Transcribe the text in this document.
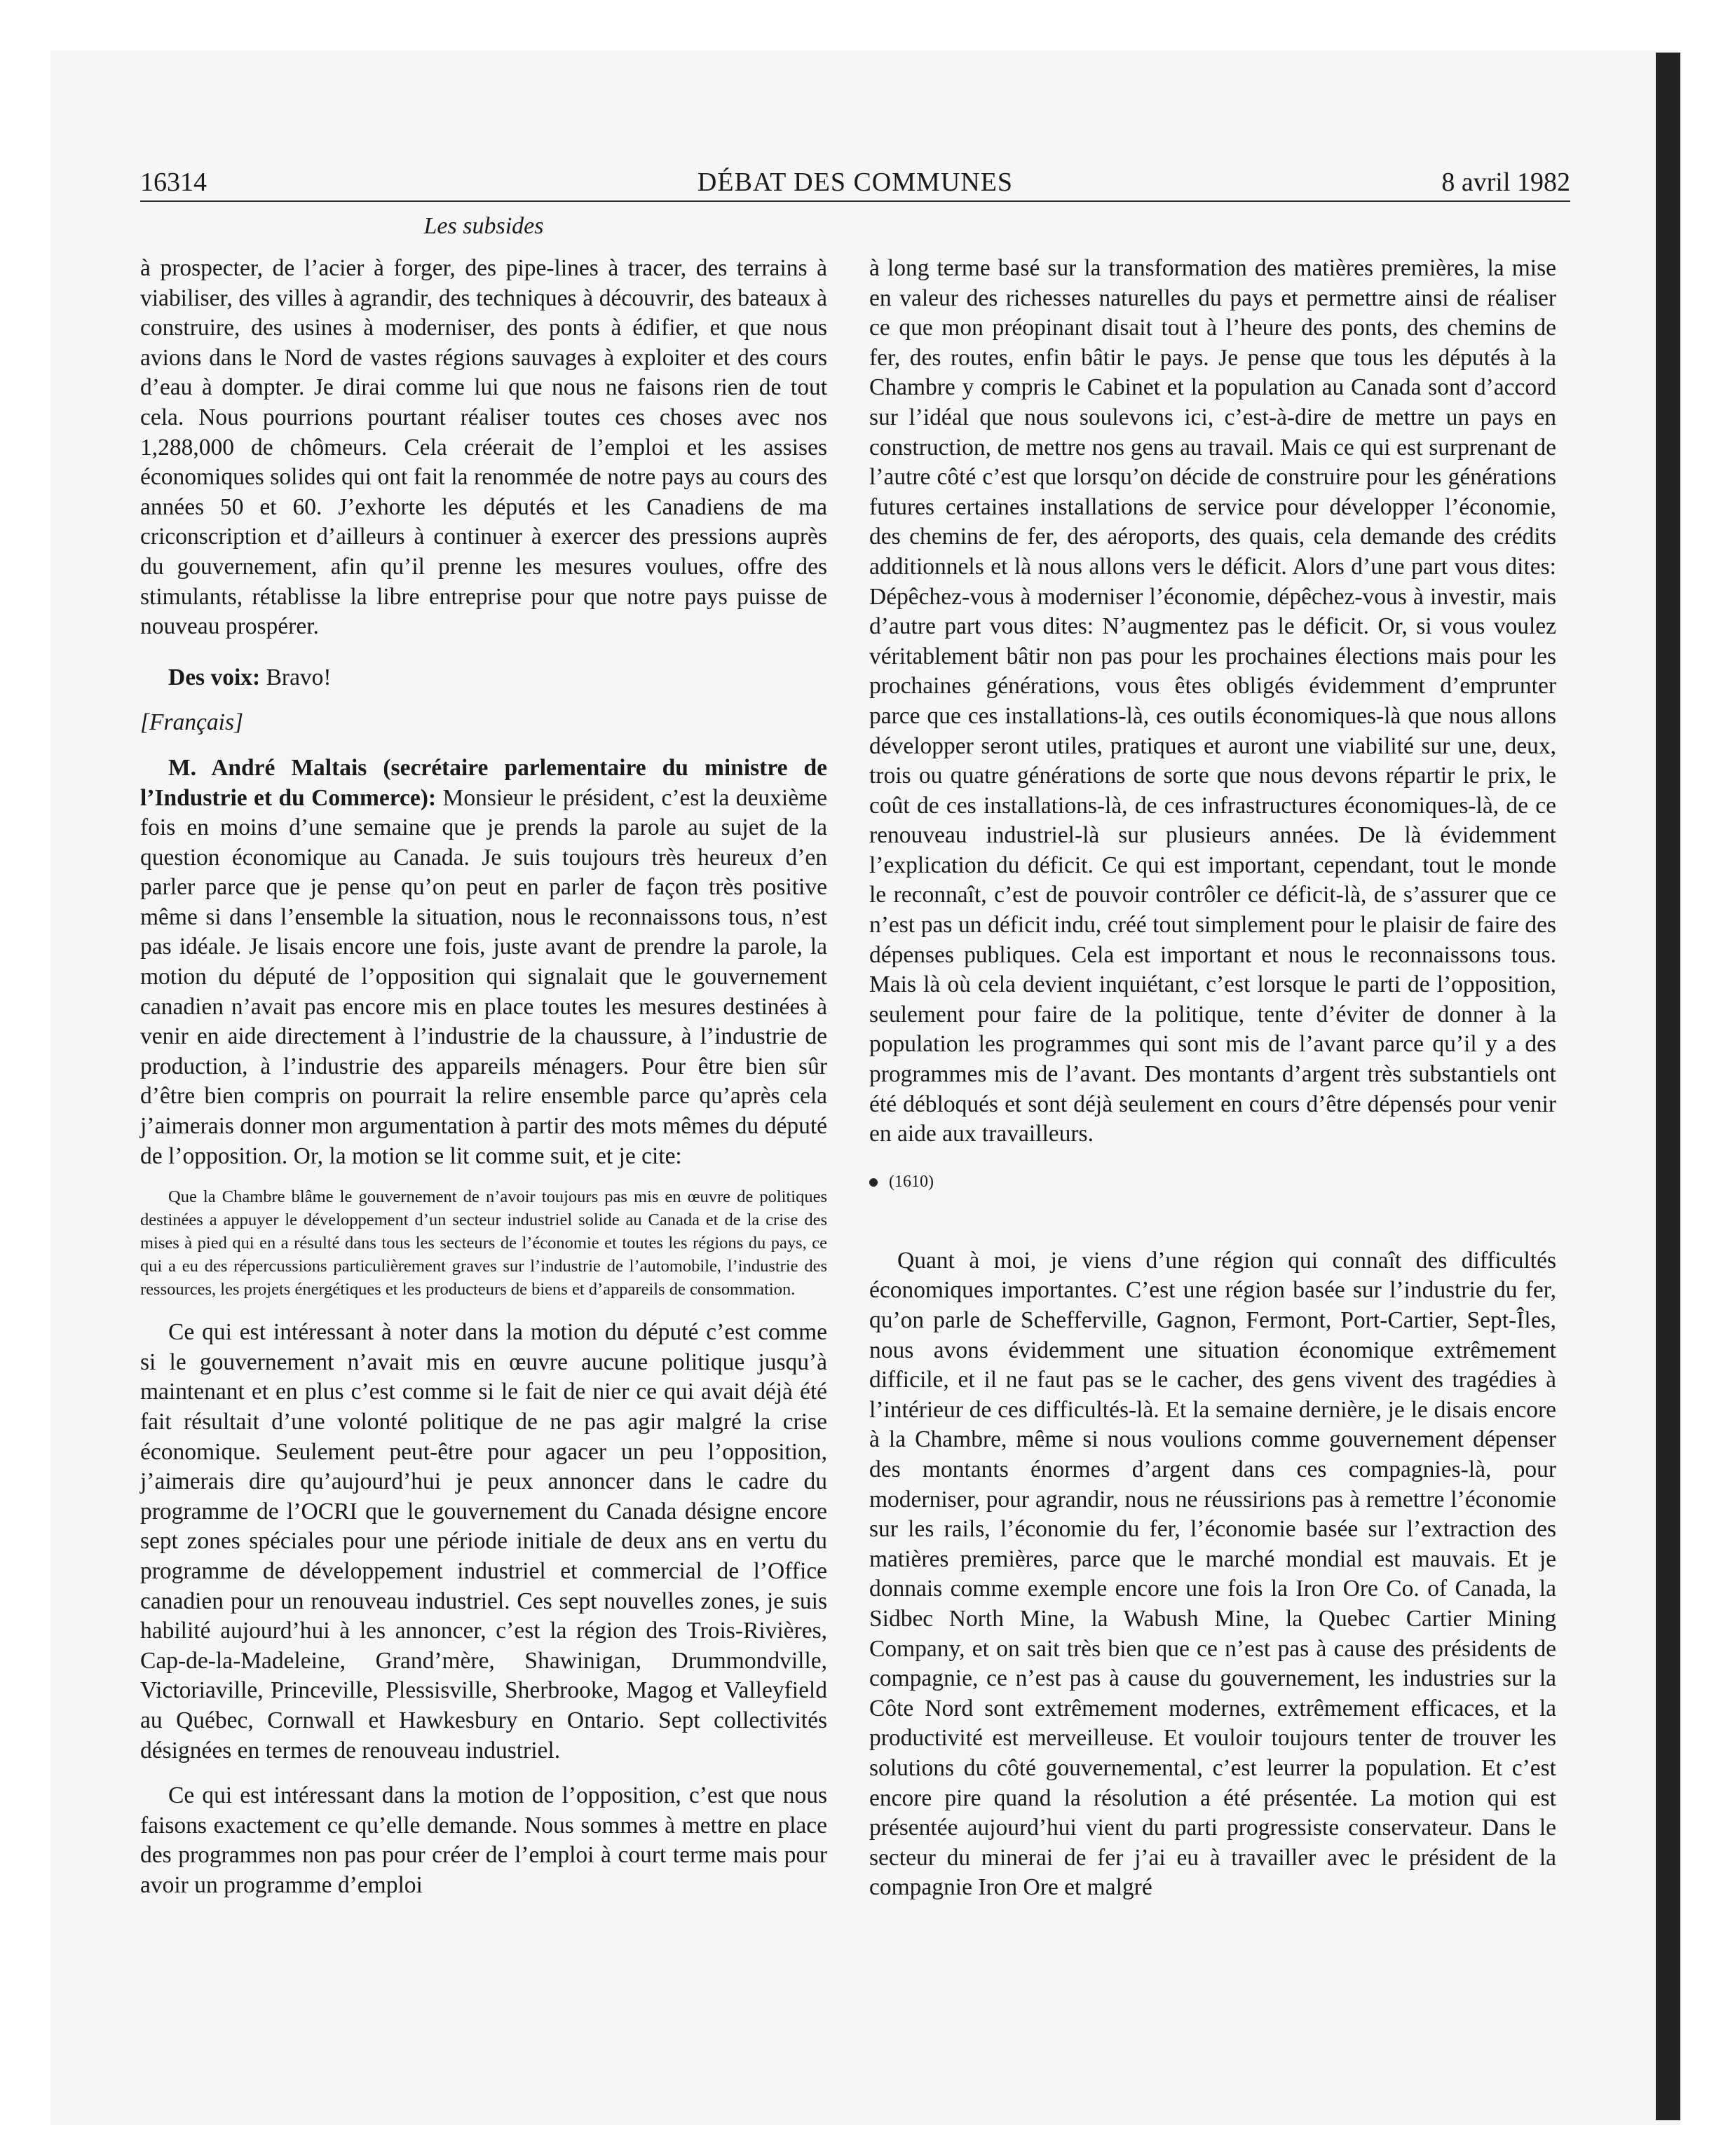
16314	DÉBAT DES COMMUNES	8 avril 1982
Les subsides

à prospecter, de l’acier à forger, des pipe-lines à tracer, des terrains à viabiliser, des villes à agrandir, des techniques à découvrir, des bateaux à construire, des usines à moderniser, des ponts à édifier, et que nous avions dans le Nord de vastes régions sauvages à exploiter et des cours d’eau à dompter. Je dirai comme lui que nous ne faisons rien de tout cela. Nous pourrions pourtant réaliser toutes ces choses avec nos 1,288,000 de chômeurs. Cela créerait de l’emploi et les assises économiques solides qui ont fait la renommée de notre pays au cours des années 50 et 60. J’exhorte les députés et les Canadiens de ma criconscription et d’ailleurs à continuer à exercer des pressions auprès du gouvernement, afin qu’il prenne les mesures voulues, offre des stimulants, rétablisse la libre entreprise pour que notre pays puisse de nouveau prospérer.

Des voix: Bravo!

[Français]

M. André Maltais (secrétaire parlementaire du ministre de l’Industrie et du Commerce): Monsieur le président, c’est la deuxième fois en moins d’une semaine que je prends la parole au sujet de la question économique au Canada. Je suis toujours très heureux d’en parler parce que je pense qu’on peut en parler de façon très positive même si dans l’ensemble la situation, nous le reconnaissons tous, n’est pas idéale. Je lisais encore une fois, juste avant de prendre la parole, la motion du député de l’opposition qui signalait que le gouvernement canadien n’avait pas encore mis en place toutes les mesures destinées à venir en aide directement à l’industrie de la chaussure, à l’industrie de production, à l’industrie des appareils ménagers. Pour être bien sûr d’être bien compris on pourrait la relire ensemble parce qu’après cela j’aimerais donner mon argumentation à partir des mots mêmes du député de l’opposition. Or, la motion se lit comme suit, et je cite:

Que la Chambre blâme le gouvernement de n’avoir toujours pas mis en œuvre de politiques destinées a appuyer le développement d’un secteur industriel solide au Canada et de la crise des mises à pied qui en a résulté dans tous les secteurs de l’économie et toutes les régions du pays, ce qui a eu des répercussions particulièrement graves sur l’industrie de l’automobile, l’industrie des ressources, les projets énergétiques et les producteurs de biens et d’appareils de consommation.

Ce qui est intéressant à noter dans la motion du député c’est comme si le gouvernement n’avait mis en œuvre aucune politique jusqu’à maintenant et en plus c’est comme si le fait de nier ce qui avait déjà été fait résultait d’une volonté politique de ne pas agir malgré la crise économique. Seulement peut-être pour agacer un peu l’opposition, j’aimerais dire qu’aujourd’hui je peux annoncer dans le cadre du programme de l’OCRI que le gouvernement du Canada désigne encore sept zones spéciales pour une période initiale de deux ans en vertu du programme de développement industriel et commercial de l’Office canadien pour un renouveau industriel. Ces sept nouvelles zones, je suis habilité aujourd’hui à les annoncer, c’est la région des Trois-Rivières, Cap-de-la-Madeleine, Grand’mère, Shawinigan, Drummondville, Victoriaville, Princeville, Plessisville, Sherbrooke, Magog et Valleyfield au Québec, Cornwall et Hawkesbury en Ontario. Sept collectivités désignées en termes de renouveau industriel.

Ce qui est intéressant dans la motion de l’opposition, c’est que nous faisons exactement ce qu’elle demande. Nous sommes à mettre en place des programmes non pas pour créer de l’emploi à court terme mais pour avoir un programme d’emploi

à long terme basé sur la transformation des matières premières, la mise en valeur des richesses naturelles du pays et permettre ainsi de réaliser ce que mon préopinant disait tout à l’heure des ponts, des chemins de fer, des routes, enfin bâtir le pays. Je pense que tous les députés à la Chambre y compris le Cabinet et la population au Canada sont d’accord sur l’idéal que nous soulevons ici, c’est-à-dire de mettre un pays en construction, de mettre nos gens au travail. Mais ce qui est surprenant de l’autre côté c’est que lorsqu’on décide de construire pour les générations futures certaines installations de service pour développer l’économie, des chemins de fer, des aéroports, des quais, cela demande des crédits additionnels et là nous allons vers le déficit. Alors d’une part vous dites: Dépêchez-vous à moderniser l’économie, dépêchez-vous à investir, mais d’autre part vous dites: N’augmentez pas le déficit. Or, si vous voulez véritablement bâtir non pas pour les prochaines élections mais pour les prochaines générations, vous êtes obligés évidemment d’emprunter parce que ces installations-là, ces outils économiques-là que nous allons développer seront utiles, pratiques et auront une viabilité sur une, deux, trois ou quatre générations de sorte que nous devons répartir le prix, le coût de ces installations-là, de ces infrastructures économiques-là, de ce renouveau industriel-là sur plusieurs années. De là évidemment l’explication du déficit. Ce qui est important, cependant, tout le monde le reconnaît, c’est de pouvoir contrôler ce déficit-là, de s’assurer que ce n’est pas un déficit indu, créé tout simplement pour le plaisir de faire des dépenses publiques. Cela est important et nous le reconnaissons tous. Mais là où cela devient inquiétant, c’est lorsque le parti de l’opposition, seulement pour faire de la politique, tente d’éviter de donner à la population les programmes qui sont mis de l’avant parce qu’il y a des programmes mis de l’avant. Des montants d’argent très substantiels ont été débloqués et sont déjà seulement en cours d’être dépensés pour venir en aide aux travailleurs.

(1610)

Quant à moi, je viens d’une région qui connaît des difficultés économiques importantes. C’est une région basée sur l’industrie du fer, qu’on parle de Schefferville, Gagnon, Fermont, Port-Cartier, Sept-Îles, nous avons évidemment une situation économique extrêmement difficile, et il ne faut pas se le cacher, des gens vivent des tragédies à l’intérieur de ces difficultés-là. Et la semaine dernière, je le disais encore à la Chambre, même si nous voulions comme gouvernement dépenser des montants énormes d’argent dans ces compagnies-là, pour moderniser, pour agrandir, nous ne réussirions pas à remettre l’économie sur les rails, l’économie du fer, l’économie basée sur l’extraction des matières premières, parce que le marché mondial est mauvais. Et je donnais comme exemple encore une fois la Iron Ore Co. of Canada, la Sidbec North Mine, la Wabush Mine, la Quebec Cartier Mining Company, et on sait très bien que ce n’est pas à cause des présidents de compagnie, ce n’est pas à cause du gouvernement, les industries sur la Côte Nord sont extrêmement modernes, extrêmement efficaces, et la productivité est merveilleuse. Et vouloir toujours tenter de trouver les solutions du côté gouvernemental, c’est leurrer la population. Et c’est encore pire quand la résolution a été présentée. La motion qui est présentée aujourd’hui vient du parti progressiste conservateur. Dans le secteur du minerai de fer j’ai eu à travailler avec le président de la compagnie Iron Ore et malgré
